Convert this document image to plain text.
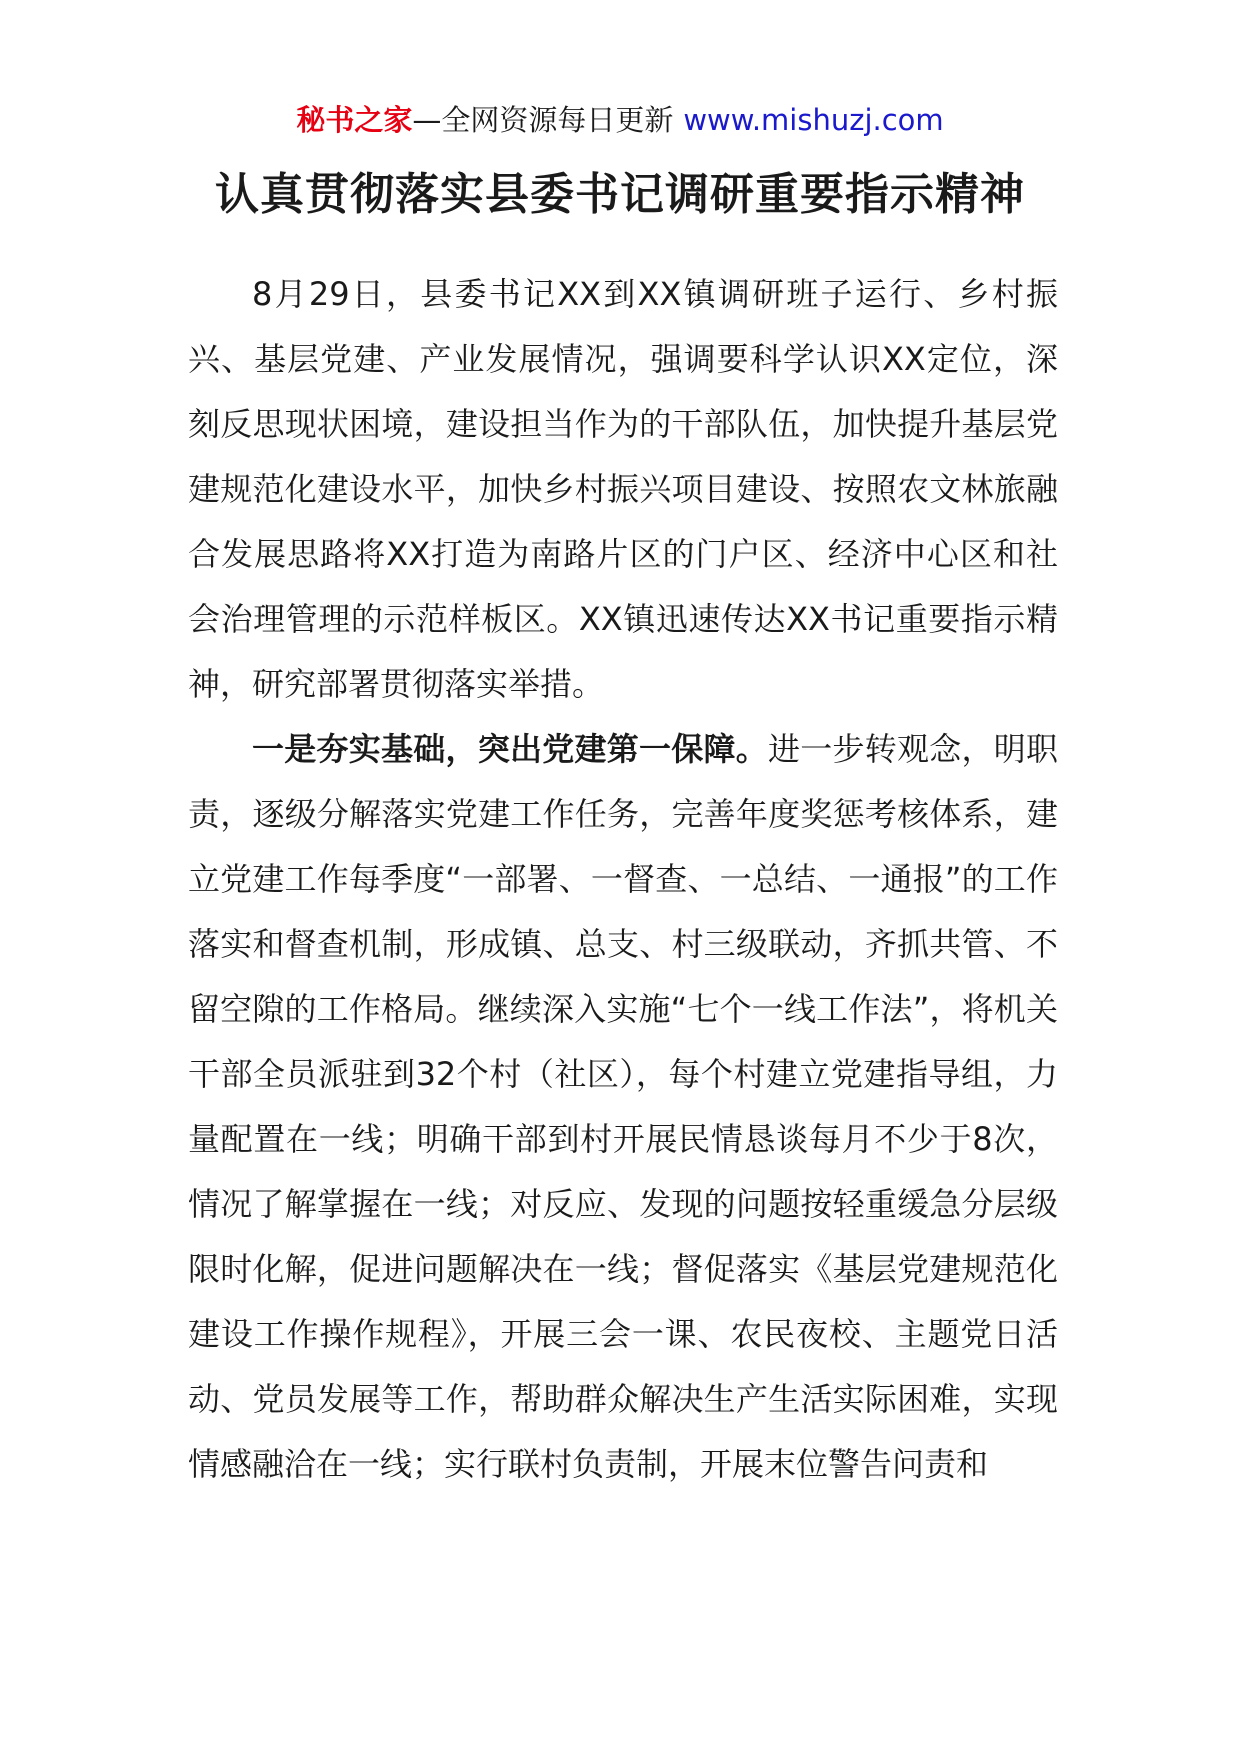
秘书之家—全网资源每日更新 www.mishuzj.com
认真贯彻落实县委书记调研重要指示精神

8月29日，县委书记XX到XX镇调研班子运行、乡村振兴、基层党建、产业发展情况，强调要科学认识XX定位，深刻反思现状困境，建设担当作为的干部队伍，加快提升基层党建规范化建设水平，加快乡村振兴项目建设、按照农文林旅融合发展思路将XX打造为南路片区的门户区、经济中心区和社会治理管理的示范样板区。XX镇迅速传达XX书记重要指示精神，研究部署贯彻落实举措。

一是夯实基础，突出党建第一保障。进一步转观念，明职责，逐级分解落实党建工作任务，完善年度奖惩考核体系，建立党建工作每季度“一部署、一督查、一总结、一通报”的工作落实和督查机制，形成镇、总支、村三级联动，齐抓共管、不留空隙的工作格局。继续深入实施“七个一线工作法”，将机关干部全员派驻到32个村（社区），每个村建立党建指导组，力量配置在一线；明确干部到村开展民情恳谈每月不少于8次，情况了解掌握在一线；对反应、发现的问题按轻重缓急分层级限时化解，促进问题解决在一线；督促落实《基层党建规范化建设工作操作规程》，开展三会一课、农民夜校、主题党日活动、党员发展等工作，帮助群众解决生产生活实际困难，实现情感融洽在一线；实行联村负责制，开展末位警告问责和
